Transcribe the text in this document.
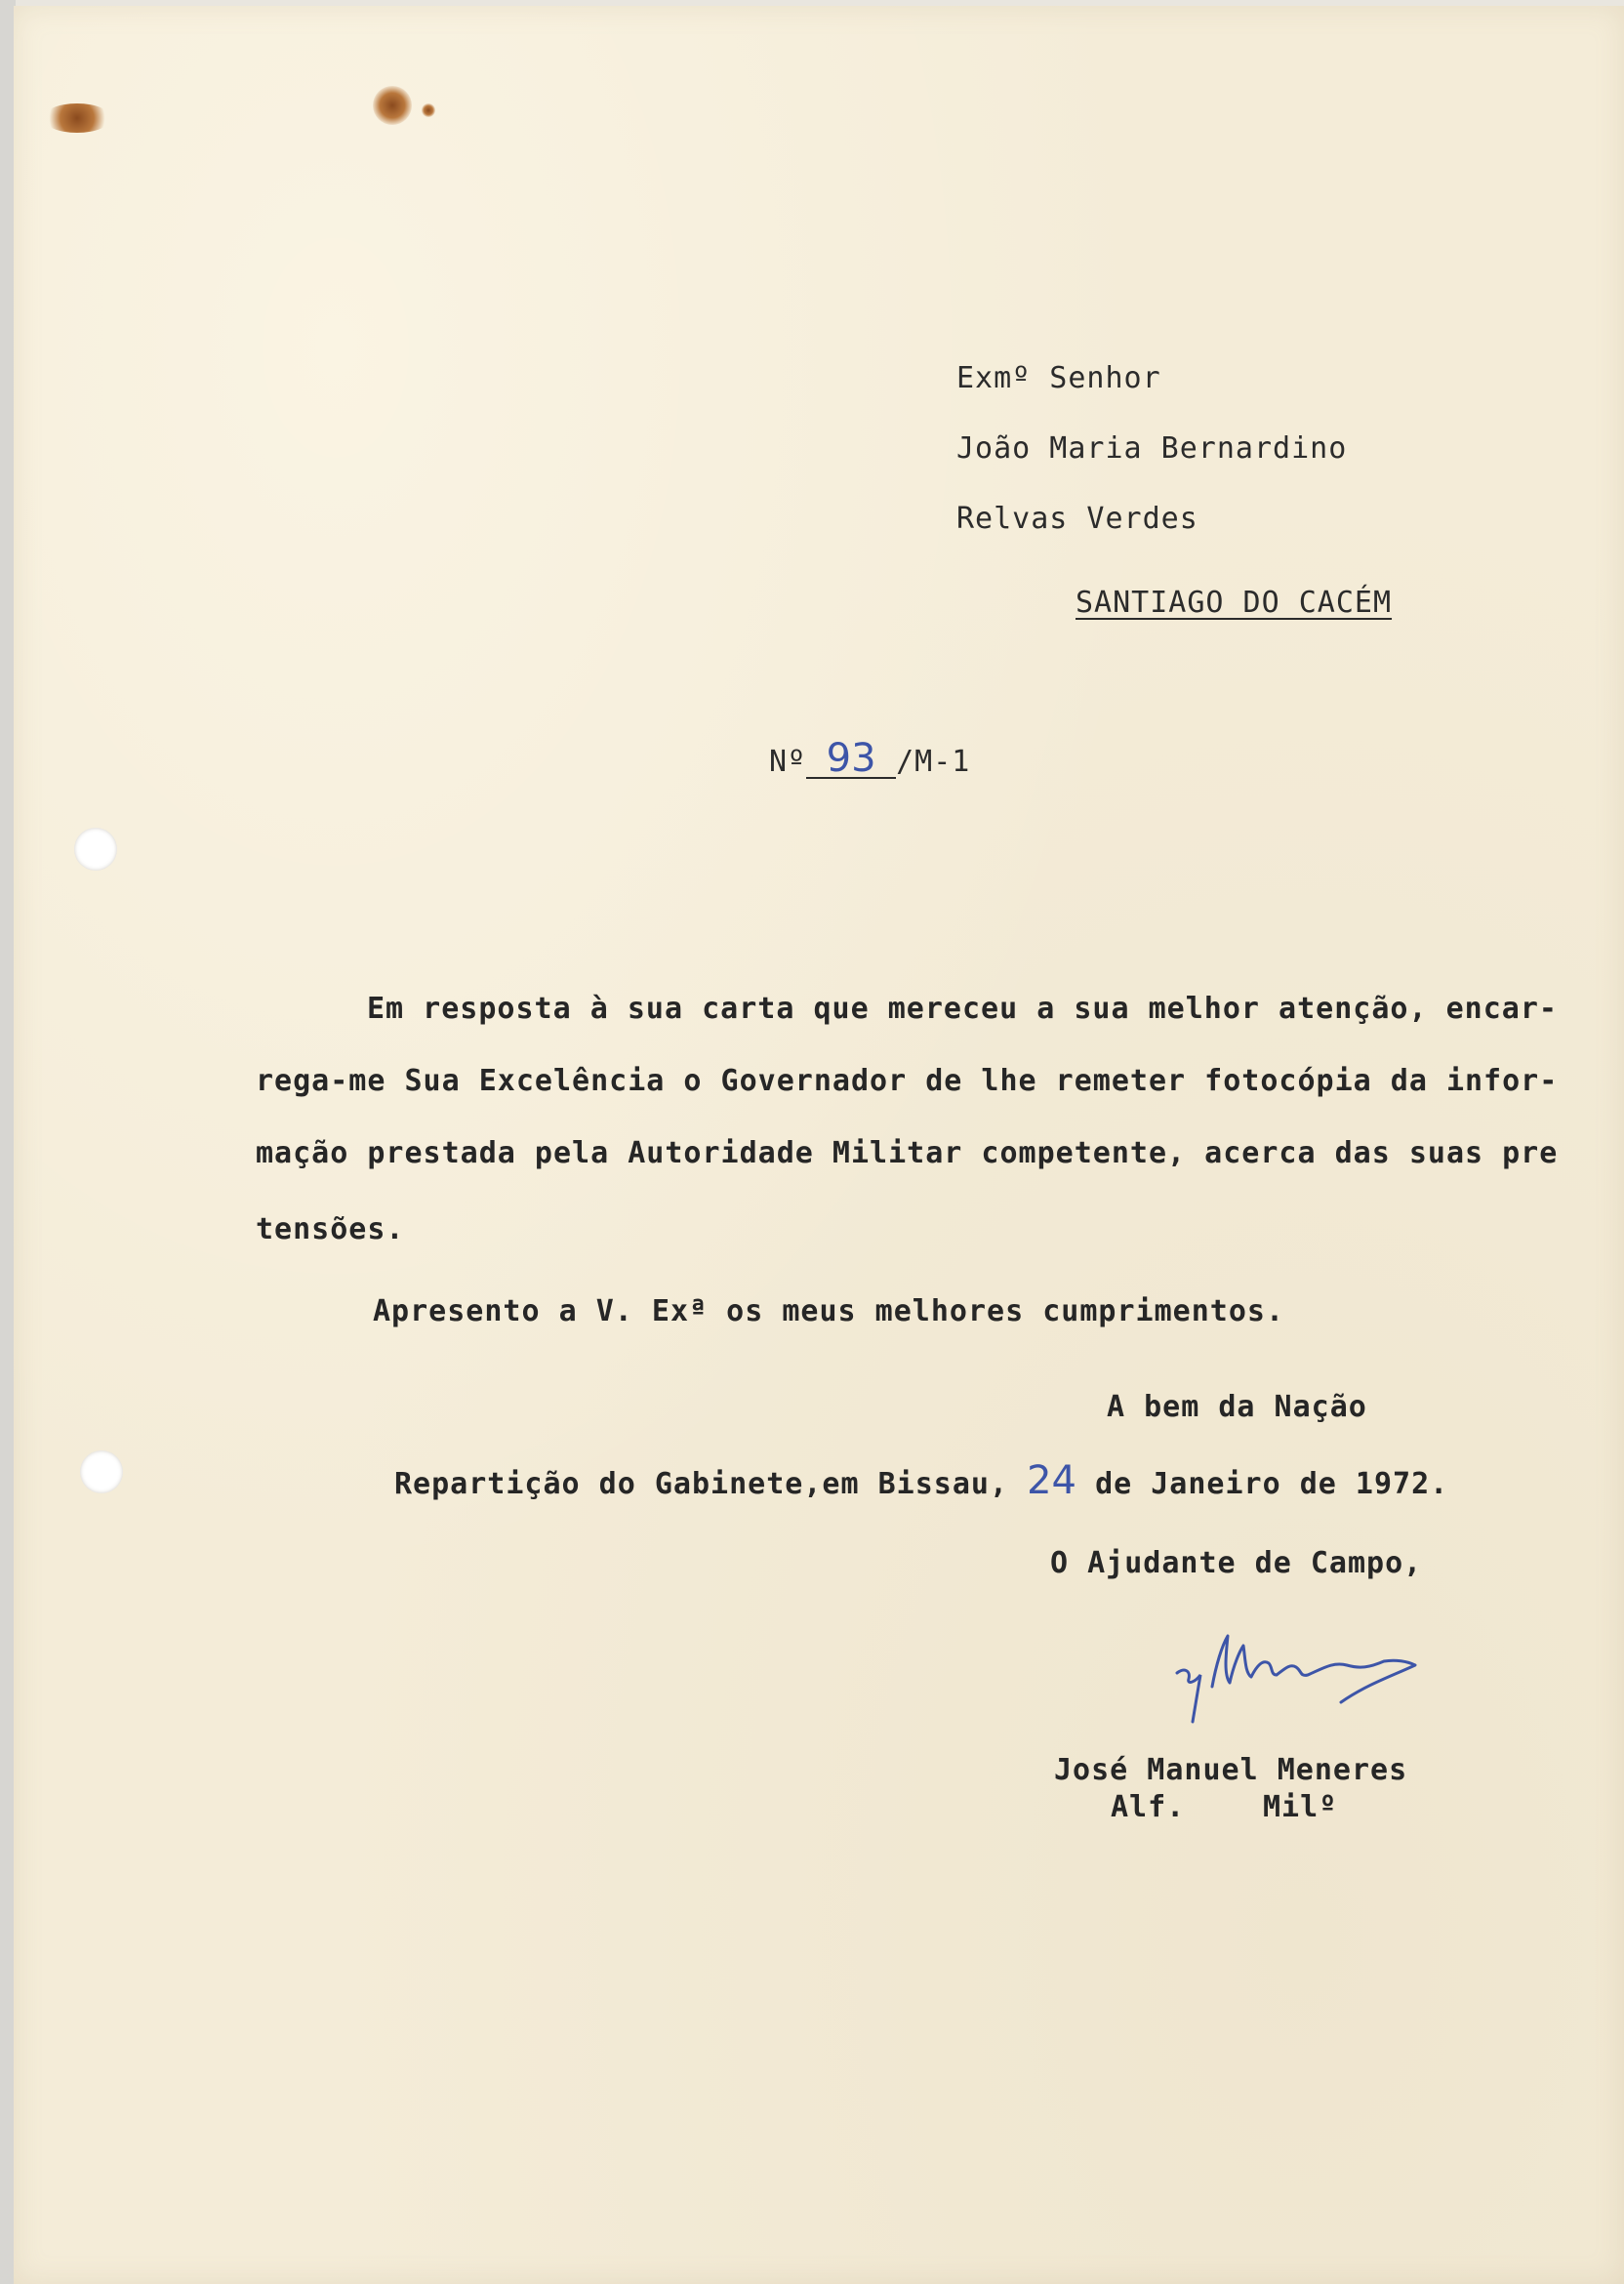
Exmº Senhor
João Maria Bernardino
Relvas Verdes
SANTIAGO DO CACÉM
Nº 93 /M-1
Em resposta à sua carta que mereceu a sua melhor atenção, encar-
rega-me Sua Excelência o Governador de lhe remeter fotocópia da infor-
mação prestada pela Autoridade Militar competente, acerca das suas pre
tensões.
Apresento a V. Exª os meus melhores cumprimentos.
A bem da Nação
Repartição do Gabinete,em Bissau, 24 de Janeiro de 1972.
O Ajudante de Campo,
José Manuel Meneres
Alf.	Milº
